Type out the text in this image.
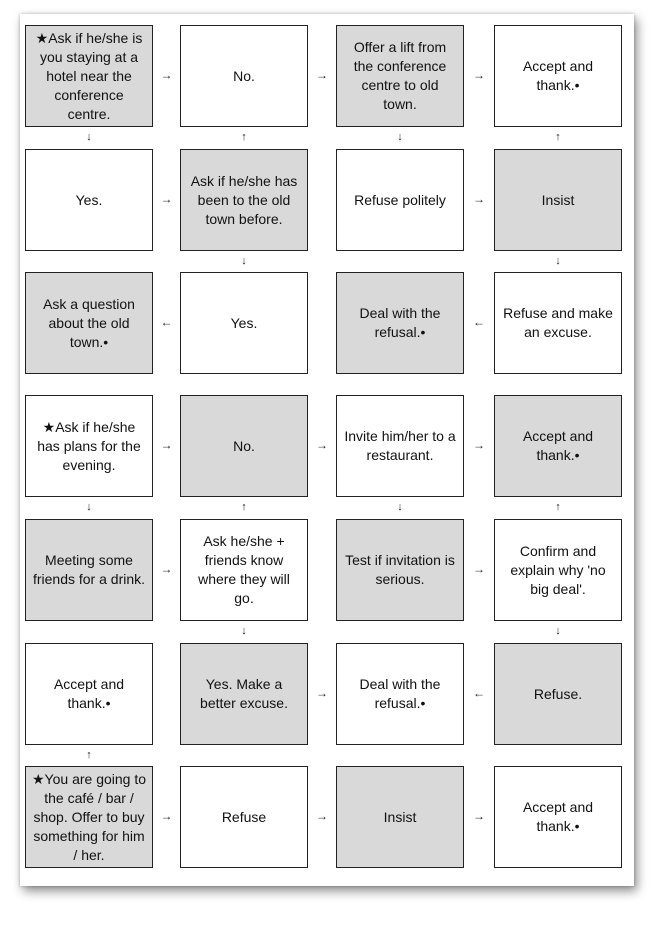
★Ask if he/she is you staying at a hotel near the conference centre.
No.
Offer a lift from the conference centre to old town.
Accept and thank.•
Yes.
Ask if he/she has been to the old town before.
Refuse politely	Insist
Ask a question about the old town.•
Yes.
Deal with the refusal.•
Refuse and make an excuse.
★Ask if he/she has plans for the evening.
No.
Invite him/her to a restaurant.
Accept and thank.•
Meeting some friends for a drink.
Ask he/she + friends know where they will go.
Test if invitation is serious.
Confirm and explain why 'no big deal'.
Accept and thank.•
Yes. Make a better excuse.
Deal with the refusal.•
Refuse.
★You are going to the café / bar / shop. Offer to buy something for him / her.
Refuse	Insist
Accept and thank.•
→	→	→
↓	↑	↓	↑
→	→
↓	↓
←	←
→	→	→
↓	↑	↓	↑
→	→
↓	↓
→	←
↑
→	→	→
